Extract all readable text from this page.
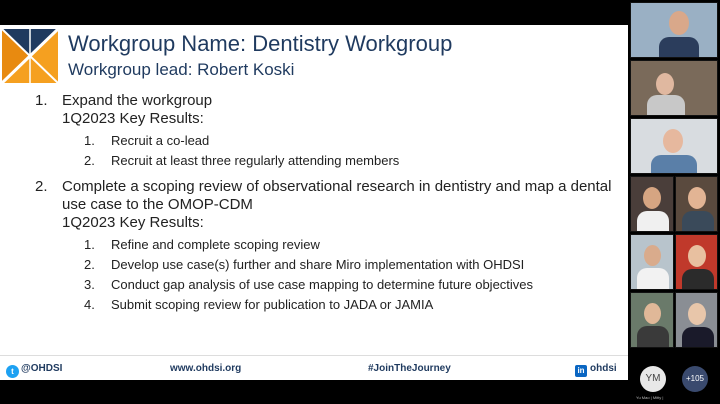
Workgroup Name: Dentistry Workgroup
Workgroup lead: Robert Koski
1. Expand the workgroup
1Q2023 Key Results:
1. Recruit a co-lead
2. Recruit at least three regularly attending members
2. Complete a scoping review of observational research in dentistry and map a dental use case to the OMOP-CDM
1Q2023 Key Results:
1. Refine and complete scoping review
2. Develop use case(s) further and share Miro implementation with OHDSI
3. Conduct gap analysis of use case mapping to determine future objectives
4. Submit scoping review for publication to JADA or JAMIA
t @OHDSI	www.ohdsi.org	#JoinTheJourney	in ohdsi
YM
Yu Mao | Mitty |
+105
